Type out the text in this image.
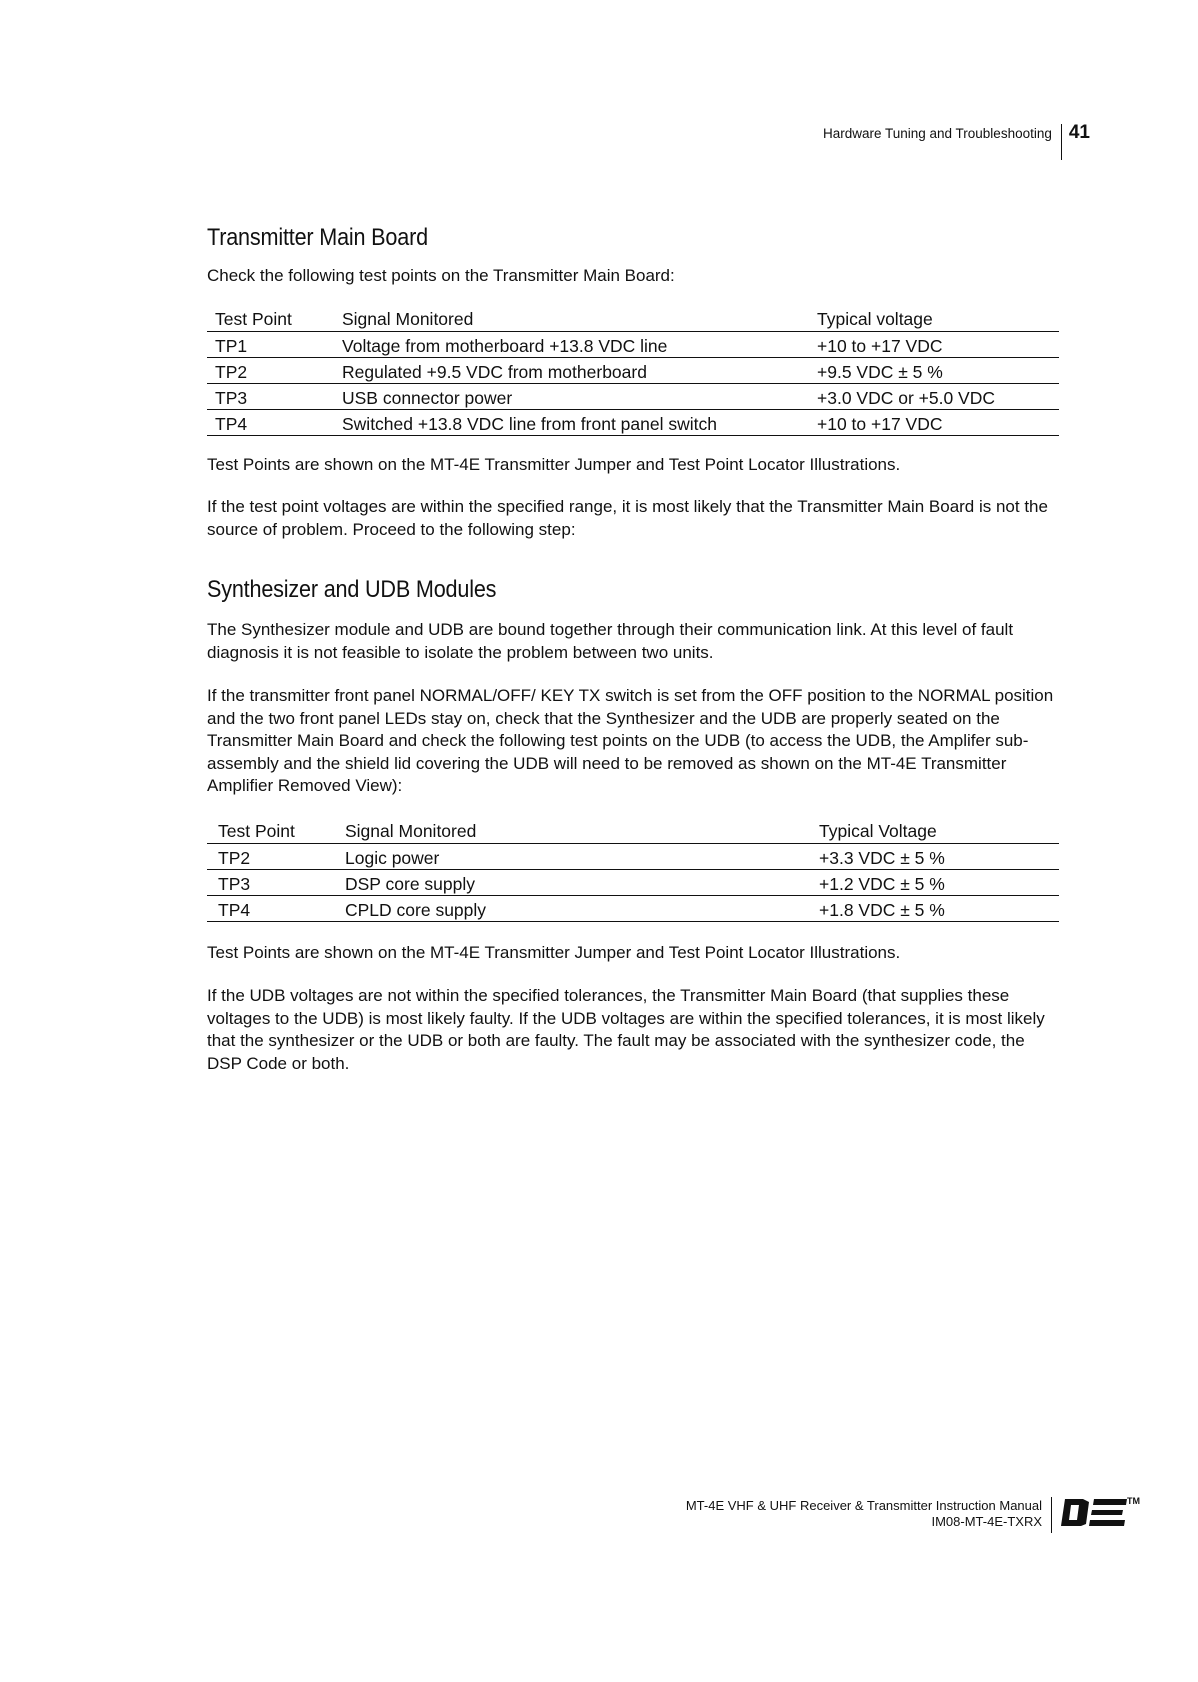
Hardware Tuning and Troubleshooting 41
Transmitter Main Board

Check the following test points on the Transmitter Main Board:

Test Point	Signal Monitored	Typical voltage
TP1	Voltage from motherboard +13.8 VDC line	+10 to +17 VDC
TP2	Regulated +9.5 VDC from motherboard	+9.5 VDC ± 5 %
TP3	USB connector power	+3.0 VDC or +5.0 VDC
TP4	Switched +13.8 VDC line from front panel switch	+10 to +17 VDC

Test Points are shown on the MT-4E Transmitter Jumper and Test Point Locator Illustrations.

If the test point voltages are within the specified range, it is most likely that the Transmitter Main Board is not the source of problem. Proceed to the following step:

Synthesizer and UDB Modules

The Synthesizer module and UDB are bound together through their communication link. At this level of fault diagnosis it is not feasible to isolate the problem between two units.

If the transmitter front panel NORMAL/OFF/ KEY TX switch is set from the OFF position to the NORMAL position and the two front panel LEDs stay on, check that the Synthesizer and the UDB are properly seated on the Transmitter Main Board and check the following test points on the UDB (to access the UDB, the Amplifer sub-assembly and the shield lid covering the UDB will need to be removed as shown on the MT-4E Transmitter Amplifier Removed View):

Test Point	Signal Monitored	Typical Voltage
TP2	Logic power	+3.3 VDC ± 5 %
TP3	DSP core supply	+1.2 VDC ± 5 %
TP4	CPLD core supply	+1.8 VDC ± 5 %

Test Points are shown on the MT-4E Transmitter Jumper and Test Point Locator Illustrations.

If the UDB voltages are not within the specified tolerances, the Transmitter Main Board (that supplies these voltages to the UDB) is most likely faulty. If the UDB voltages are within the specified tolerances, it is most likely that the synthesizer or the UDB or both are faulty. The fault may be associated with the synthesizer code, the DSP Code or both.

MT-4E VHF & UHF Receiver & Transmitter Instruction Manual
IM08-MT-4E-TXRX
TM
